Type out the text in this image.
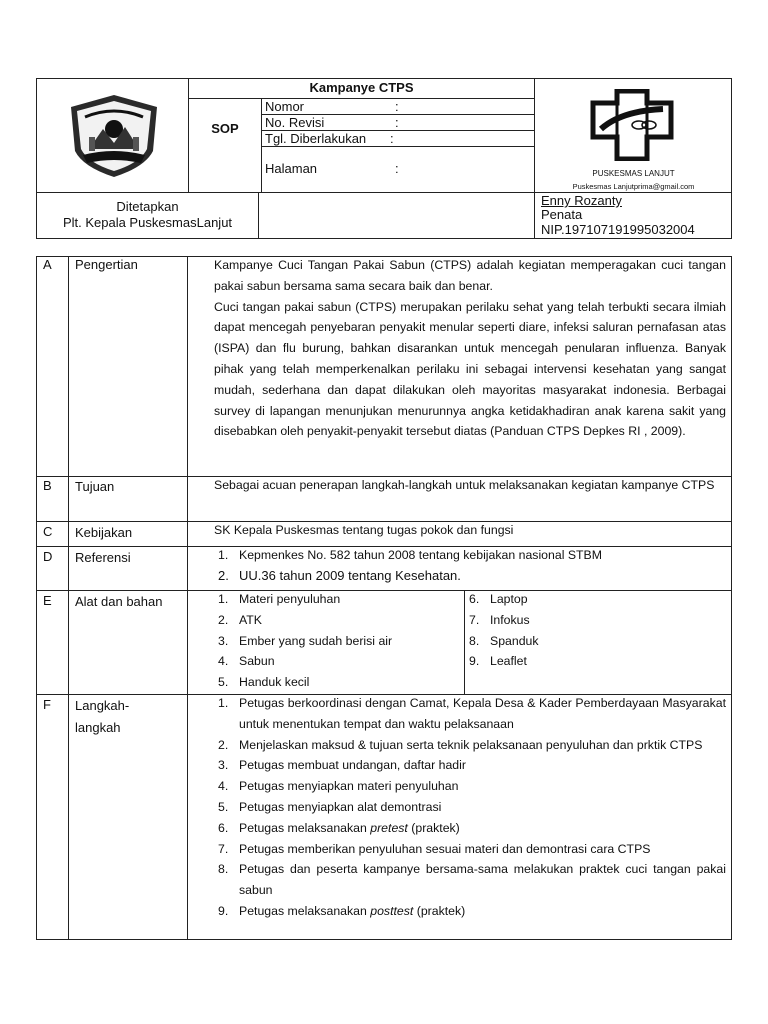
Kampanye CTPS
SOP
Nomor	:
No. Revisi	:
Tgl. Diberlakukan :
Halaman	:	PUSKESMAS LANJUT
Puskesmas Lanjutprima@gmail.com
Ditetapkan
Plt. Kepala PuskesmasLanjut
Enny Rozanty
Penata
NIP.197107191995032004
A Pengertian	Kampanye Cuci Tangan Pakai Sabun (CTPS) adalah kegiatan memperagakan cuci tangan pakai sabun bersama sama secara baik dan benar.

Cuci tangan pakai sabun (CTPS) merupakan perilaku sehat yang telah terbukti secara ilmiah dapat mencegah penyebaran penyakit menular seperti diare, infeksi saluran pernafasan atas (ISPA) dan flu burung, bahkan disarankan untuk mencegah penularan influenza. Banyak pihak yang telah memperkenalkan perilaku ini sebagai intervensi kesehatan yang sangat mudah, sederhana dan dapat dilakukan oleh mayoritas masyarakat indonesia. Berbagai survey di lapangan menunjukan menurunnya angka ketidakhadiran anak karena sakit yang disebabkan oleh penyakit-penyakit tersebut diatas (Panduan CTPS Depkes RI , 2009).

B Tujuan	Sebagai acuan penerapan langkah-langkah untuk melaksanakan kegiatan kampanye CTPS
C Kebijakan	SK Kepala Puskesmas tentang tugas pokok dan fungsi
D Referensi	1. Kepmenkes No. 582 tahun 2008 tentang kebijakan nasional STBM
2. UU.36 tahun 2009 tentang Kesehatan.
E Alat dan bahan	1. Materi penyuluhan
2. ATK
3. Ember yang sudah berisi air
4. Sabun
5. Handuk kecil
6. Laptop
7. Infokus
8. Spanduk
9. Leaflet
F Langkah-langkah
1. Petugas berkoordinasi dengan Camat, Kepala Desa & Kader Pemberdayaan Masyarakat untuk menentukan tempat dan waktu pelaksanaan
2. Menjelaskan maksud & tujuan serta teknik pelaksanaan penyuluhan dan prktik CTPS
3. Petugas membuat undangan, daftar hadir
4. Petugas menyiapkan materi penyuluhan
5. Petugas menyiapkan alat demontrasi
6. Petugas melaksanakan pretest (praktek)
7. Petugas memberikan penyuluhan sesuai materi dan demontrasi cara CTPS
8. Petugas dan peserta kampanye bersama-sama melakukan praktek cuci tangan pakai sabun
9. Petugas melaksanakan posttest (praktek)
